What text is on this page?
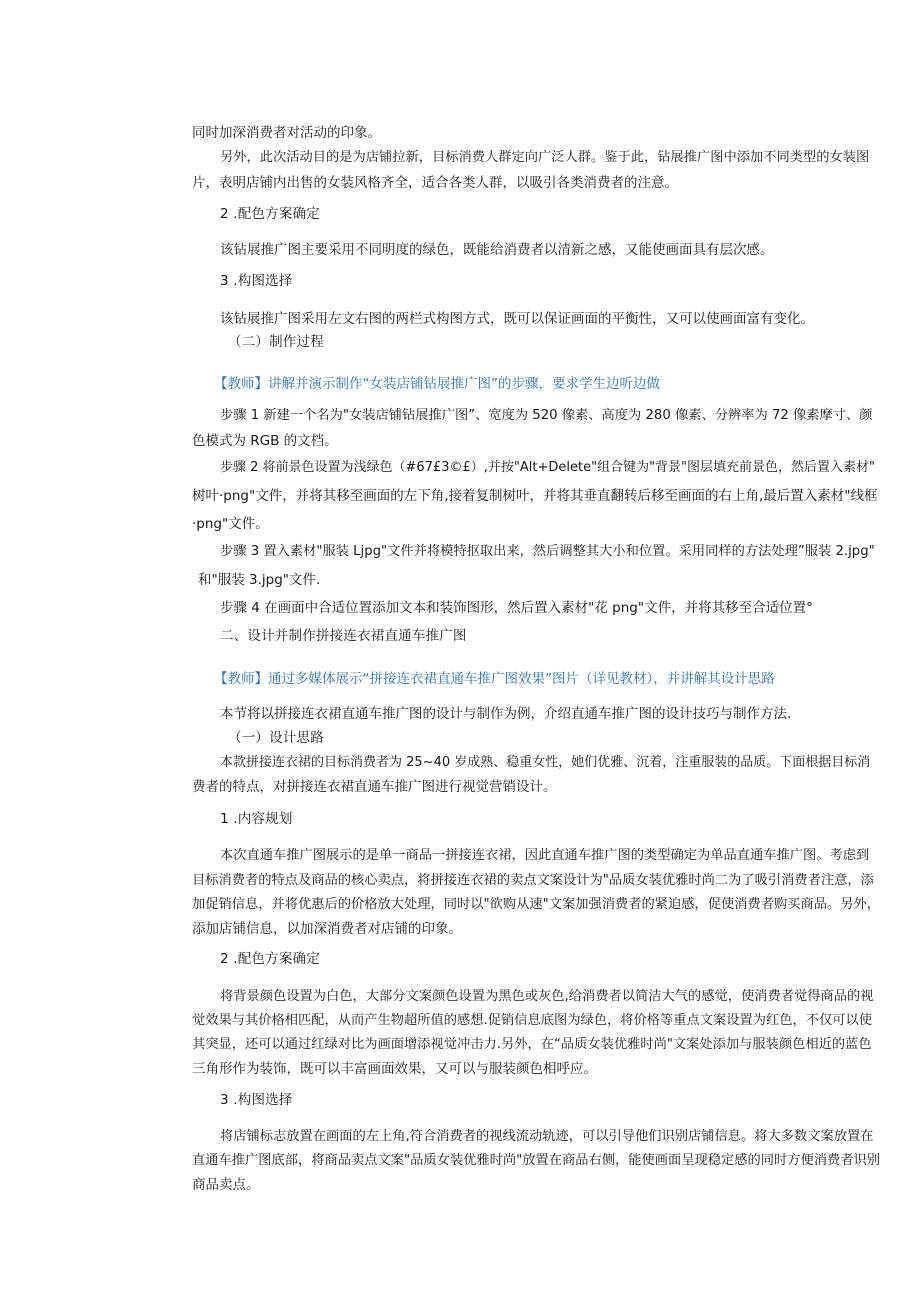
同时加深消费者对活动的印象。
另外，此次活动目的是为店铺拉新，目标消费人群定向广泛人群。鉴于此，钻展推广图中添加不同类型的女装图
片，表明店铺内出售的女装风格齐全，适合各类人群，以吸引各类消费者的注意。
2 .配色方案确定
该钻展推广图主要采用不同明度的绿色，既能给消费者以清新之感，又能使画面具有层次感。
3 .构图选择
该钻展推广图采用左文右图的两栏式构图方式，既可以保证画面的平衡性，又可以使画面富有变化。
（二）制作过程
【教师】讲解并演示制作“女装店铺钻展推广图”的步骤，要求学生边听边做
步骤 1 新建一个名为"女装店铺钻展推广图”、宽度为 520 像素、高度为 280 像素、分辨率为 72 像素摩寸、颜
色模式为 RGB 的文档。
步骤 2 将前景色设置为浅绿色（#67£3©£）,并按"Alt+Delete"组合键为"背景"图层填充前景色，然后置入素材"
树叶·png"文件，并将其移至画面的左下角,接着复制树叶，并将其垂直翻转后移至画面的右上角,最后置入素材"线框
·png"文件。
步骤 3 置入素材"服装 Ljpg"文件并将模特抠取出来，然后调整其大小和位置。采用同样的方法处理”服装 2.jpg"
和"服装 3.jpg"文件.
步骤 4 在画面中合适位置添加文本和装饰图形，然后置入素材"花 png"文件，并将其移至合适位置°
二、设计并制作拼接连衣裙直通车推广图
【教师】通过多媒体展示“拼接连衣裙直通车推广图效果”图片（详见教材），并讲解其设计思路
本节将以拼接连衣裙直通车推广图的设计与制作为例，介绍直通车推广图的设计技巧与制作方法.
（一）设计思路
本款拼接连衣裙的目标消费者为 25~40 岁成熟、稳重女性，她们优雅、沉着，注重服装的品质。下面根据目标消
费者的特点，对拼接连衣裙直通车推广图进行视觉营销设计。
1 .内容规划
本次直通车推广图展示的是单一商品一拼接连衣裙，因此直通车推广图的类型确定为单品直通车推广图。考虑到
目标消费者的特点及商品的核心卖点，将拼接连衣裙的卖点文案设计为"品质女装优雅时尚二为了吸引消费者注意，添
加促销信息，并将优惠后的价格放大处理，同时以"欲购从速"文案加强消费者的紧迫感，促使消费者购买商品。另外，
添加店铺信息，以加深消费者对店铺的印象。
2 .配色方案确定
将背景颜色设置为白色，大部分文案颜色设置为黑色或灰色,给消费者以简洁大气的感觉，使消费者觉得商品的视
觉效果与其价格相匹配，从而产生物超所值的感想.促销信息底图为绿色，将价格等重点文案设置为红色，不仅可以使
其突显，还可以通过红绿对比为画面增添视觉冲击力.另外，在“品质女装优雅时尚"文案处添加与服装颜色相近的蓝色
三角形作为装饰，既可以丰富画面效果，又可以与服装颜色相呼应。
3 .构图选择
将店铺标志放置在画面的左上角,符合消费者的视线流动轨迹，可以引导他们识别店铺信息。将大多数文案放置在
直通车推广图底部，将商品卖点文案"品质女装优雅时尚"放置在商品右侧，能使画面呈现稳定感的同时方便消费者识别
商品卖点。
